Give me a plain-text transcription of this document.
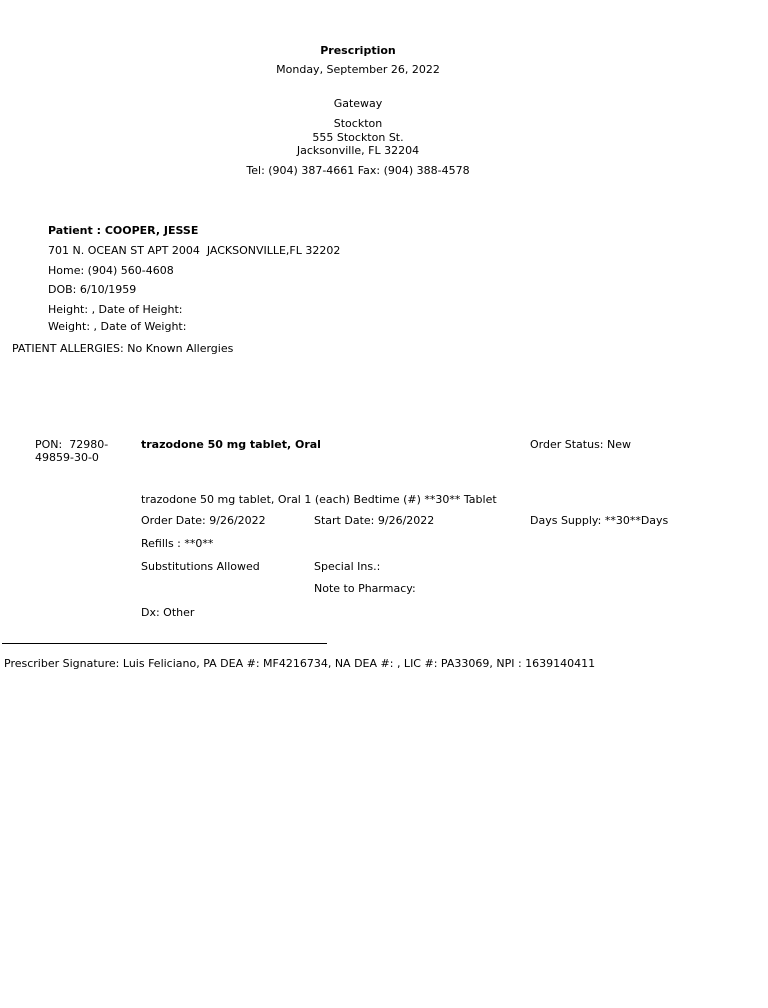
Prescription
Monday, September 26, 2022
Gateway
Stockton
555 Stockton St.
Jacksonville, FL 32204
Tel: (904) 387-4661 Fax: (904) 388-4578
Patient : COOPER, JESSE
701 N. OCEAN ST APT 2004  JACKSONVILLE,FL 32202
Home: (904) 560-4608
DOB: 6/10/1959
Height: , Date of Height:
Weight: , Date of Weight:
PATIENT ALLERGIES: No Known Allergies
PON:  72980-49859-30-0
trazodone 50 mg tablet, Oral	Order Status: New
trazodone 50 mg tablet, Oral 1 (each) Bedtime (#) **30** Tablet
Order Date: 9/26/2022	Start Date: 9/26/2022	Days Supply: **30**Days
Refills : **0**
Substitutions Allowed	Special Ins.:
Note to Pharmacy:
Dx: Other
Prescriber Signature: Luis Feliciano, PA DEA #: MF4216734, NA DEA #: , LIC #: PA33069, NPI : 1639140411
